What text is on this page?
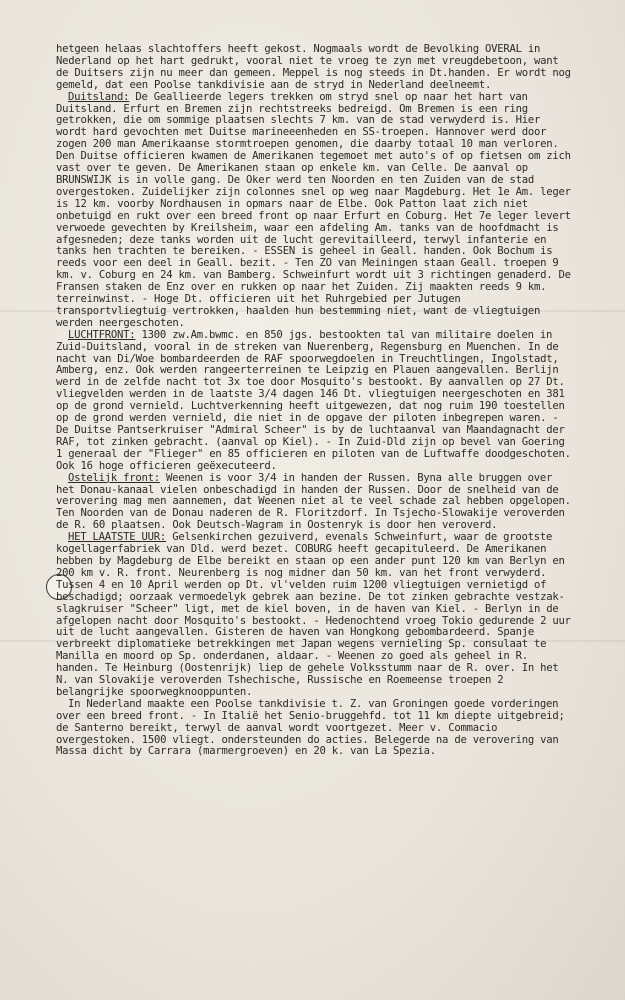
hetgeen helaas slachtoffers heeft gekost. Nogmaals wordt de Bevolking OVERAL in Nederland op het hart gedrukt, vooral niet te vroeg te zyn met vreugdebetoon, want de Duitsers zijn nu meer dan gemeen. Meppel is nog steeds in Dt.handen. Er wordt nog gemeld, dat een Poolse tankdivisie aan de stryd in Nederland deelneemt.

Duitsland: De Geallieerde legers trekken om stryd snel op naar het hart van Duitsland. Erfurt en Bremen zijn rechtstreeks bedreigd. Om Bremen is een ring getrokken, die om sommige plaatsen slechts 7 km. van de stad verwyderd is. Hier wordt hard gevochten met Duitse marineeenheden en SS-troepen. Hannover werd door zogen 200 man Amerikaanse stormtroepen genomen, die daarby totaal 10 man verloren. Den Duitse officieren kwamen de Amerikanen tegemoet met auto's of op fietsen om zich vast over te geven. De Amerikanen staan op enkele km. van Celle. De aanval op BRUNSWIJK is in volle gang. De Oker werd ten Noorden en ten Zuiden van de stad overgestoken. Zuidelijker zijn colonnes snel op weg naar Magdeburg. Het 1e Am. leger is 12 km. voorby Nordhausen in opmars naar de Elbe. Ook Patton laat zich niet onbetuigd en rukt over een breed front op naar Erfurt en Coburg. Het 7e leger levert verwoede gevechten by Kreilsheim, waar een afdeling Am. tanks van de hoofdmacht is afgesneden; deze tanks worden uit de lucht gerevitailleerd, terwyl infanterie en tanks hen trachten te bereiken. - ESSEN is geheel in Geall. handen. Ook Bochum is reeds voor een deel in Geall. bezit. - Ten ZO van Meiningen staan Geall. troepen 9 km. v. Coburg en 24 km. van Bamberg. Schweinfurt wordt uit 3 richtingen genaderd. De Fransen staken de Enz over en rukken op naar het Zuiden. Zij maakten reeds 9 km. terreinwinst. - Hoge Dt. officieren uit het Ruhrgebied per Jutugen transportvliegtuig vertrokken, haalden hun bestemming niet, want de vliegtuigen werden neergeschoten.

LUCHTFRONT: 1300 zw.Am.bwmc. en 850 jgs. bestookten tal van militaire doelen in Zuid-Duitsland, vooral in de streken van Nuerenberg, Regensburg en Muenchen. In de nacht van Di/Woe bombardeerden de RAF spoorwegdoelen in Treuchtlingen, Ingolstadt, Amberg, enz. Ook werden rangeerterreinen te Leipzig en Plauen aangevallen. Berlijn werd in de zelfde nacht tot 3x toe door Mosquito's bestookt. By aanvallen op 27 Dt. vliegvelden werden in de laatste 3/4 dagen 146 Dt. vliegtuigen neergeschoten en 381 op de grond vernield. Luchtverkenning heeft uitgewezen, dat nog ruim 190 toestellen op de grond werden vernield, die niet in de opgave der piloten inbegrepen waren. - De Duitse Pantserkruiser "Admiral Scheer" is by de luchtaanval van Maandagnacht der RAF, tot zinken gebracht. (aanval op Kiel). - In Zuid-Dld zijn op bevel van Goering 1 generaal der "Flieger" en 85 officieren en piloten van de Luftwaffe doodgeschoten. Ook 16 hoge officieren geëxecuteerd.

Ostelijk front: Weenen is voor 3/4 in handen der Russen. Byna alle bruggen over het Donau-kanaal vielen onbeschadigd in handen der Russen. Door de snelheid van de verovering mag men aannemen, dat Weenen niet al te veel schade zal hebben opgelopen. Ten Noorden van de Donau naderen de R. Floritzdorf. In Tsjecho-Slowakije veroverden de R. 60 plaatsen. Ook Deutsch-Wagram in Oostenryk is door hen veroverd.

HET LAATSTE UUR: Gelsenkirchen gezuiverd, evenals Schweinfurt, waar de grootste kogellagerfabriek van Dld. werd bezet. COBURG heeft gecapituleerd. De Amerikanen hebben by Magdeburg de Elbe bereikt en staan op een ander punt 120 km van Berlyn en 200 km v. R. front. Neurenberg is nog midner dan 50 km. van het front verwyderd. Tussen 4 en 10 April werden op Dt. vl'velden ruim 1200 vliegtuigen vernietigd of beschadigd; oorzaak vermoedelyk gebrek aan bezine. De tot zinken gebrachte vestzak-slagkruiser "Scheer" ligt, met de kiel boven, in de haven van Kiel. - Berlyn in de afgelopen nacht door Mosquito's bestookt. - Hedenochtend vroeg Tokio gedurende 2 uur uit de lucht aangevallen. Gisteren de haven van Hongkong gebombardeerd. Spanje verbreekt diplomatieke betrekkingen met Japan wegens vernieling Sp. consulaat te Manilla en moord op Sp. onderdanen, aldaar. - Weenen zo goed als geheel in R. handen. Te Heinburg (Oostenrijk) liep de gehele Volksstumm naar de R. over. In het N. van Slovakije veroverden Tshechische, Russische en Roemeense troepen 2 belangrijke spoorwegknooppunten.

In Nederland maakte een Poolse tankdivisie t. Z. van Groningen goede vorderingen over een breed front. - In Italië het Senio-bruggehfd. tot 11 km diepte uitgebreid; de Santerno bereikt, terwyl de aanval wordt voortgezet. Meer v. Commacio overgestoken. 1500 vliegt. ondersteunden do acties. Belegerde na de verovering van Massa dicht by Carrara (marmergroeven) en 20 k. van La Spezia.
